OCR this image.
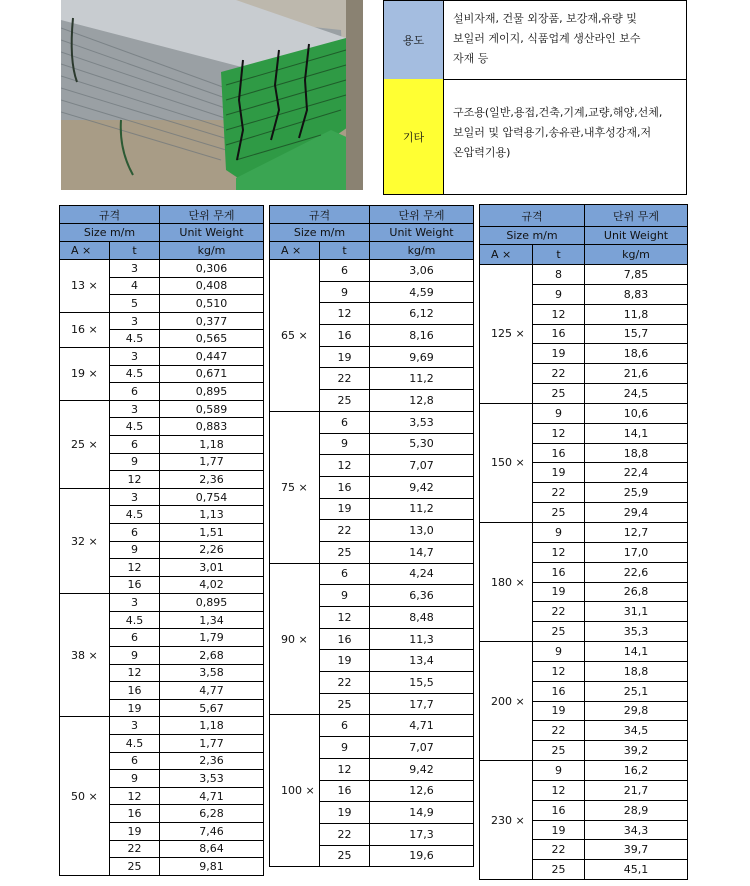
용도
설비자재, 건물 외장품, 보강재,유량 및
보일러 게이지, 식품업계 생산라인 보수
자재 등
기타
구조용(일반,용접,건축,기계,교량,해양,선체,
보일러 및 압력용기,송유관,내후성강재,저
온압력기용)
규격		단위 무게
Size m/m		Unit Weight
A ×	t	kg/m
13 ×	3	0,306
	4	0,408
	5	0,510
16 ×	3	0,377
	4.5	0,565
19 ×	3	0,447
	4.5	0,671
	6	0,895
25 ×	3	0,589
	4.5	0,883
	6	1,18
	9	1,77
	12	2,36
32 ×	3	0,754
	4.5	1,13
	6	1,51
	9	2,26
	12	3,01
	16	4,02
38 ×	3	0,895
	4.5	1,34
	6	1,79
	9	2,68
	12	3,58
	16	4,77
	19	5,67
50 ×	3	1,18
	4.5	1,77
	6	2,36
	9	3,53
	12	4,71
	16	6,28
	19	7,46
	22	8,64
	25	9,81
규격		단위 무게
Size m/m		Unit Weight
A ×	t	kg/m
65 ×	6	3,06
	9	4,59
	12	6,12
	16	8,16
	19	9,69
	22	11,2
	25	12,8
75 ×	6	3,53
	9	5,30
	12	7,07
	16	9,42
	19	11,2
	22	13,0
	25	14,7
90 ×	6	4,24
	9	6,36
	12	8,48
	16	11,3
	19	13,4
	22	15,5
	25	17,7
100 ×	6	4,71
	9	7,07
	12	9,42
	16	12,6
	19	14,9
	22	17,3
	25	19,6
규격		단위 무게
Size m/m		Unit Weight
A ×	t	kg/m
125 ×	8	7,85
	9	8,83
	12	11,8
	16	15,7
	19	18,6
	22	21,6
	25	24,5
150 ×	9	10,6
	12	14,1
	16	18,8
	19	22,4
	22	25,9
	25	29,4
180 ×	9	12,7
	12	17,0
	16	22,6
	19	26,8
	22	31,1
	25	35,3
200 ×	9	14,1
	12	18,8
	16	25,1
	19	29,8
	22	34,5
	25	39,2
230 ×	9	16,2
	12	21,7
	16	28,9
	19	34,3
	22	39,7
	25	45,1
